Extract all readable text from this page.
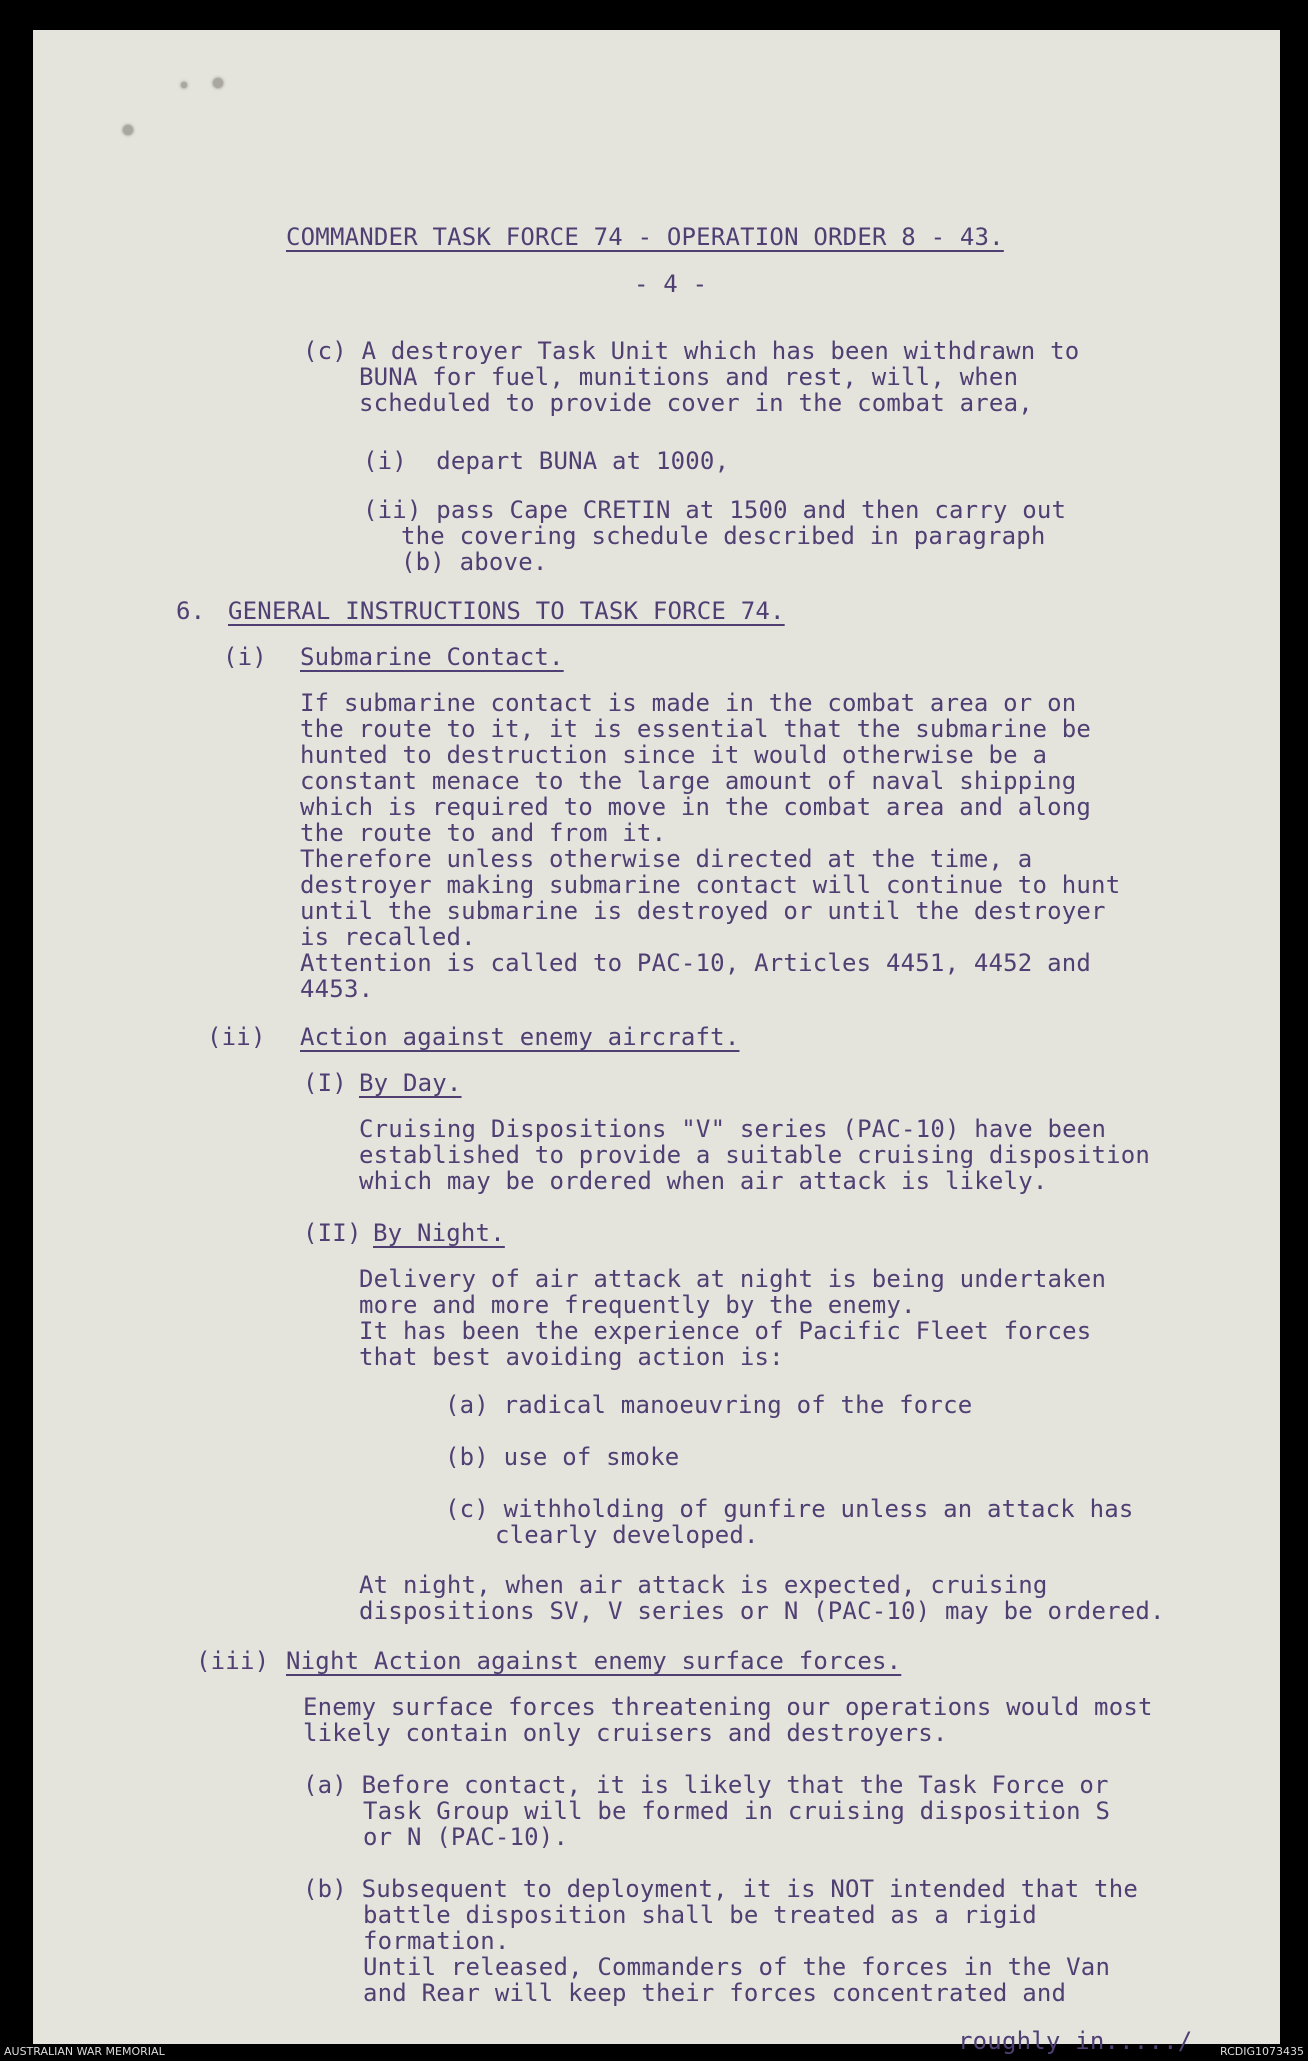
COMMANDER TASK FORCE 74 - OPERATION ORDER 8 - 43.
- 4 -
(c) A destroyer Task Unit which has been withdrawn to
BUNA for fuel, munitions and rest, will, when
scheduled to provide cover in the combat area,
(i)  depart BUNA at 1000,
(ii) pass Cape CRETIN at 1500 and then carry out
the covering schedule described in paragraph
(b) above.
6. GENERAL INSTRUCTIONS TO TASK FORCE 74.
(i) Submarine Contact.
If submarine contact is made in the combat area or on
the route to it, it is essential that the submarine be
hunted to destruction since it would otherwise be a
constant menace to the large amount of naval shipping
which is required to move in the combat area and along
the route to and from it.
Therefore unless otherwise directed at the time, a
destroyer making submarine contact will continue to hunt
until the submarine is destroyed or until the destroyer
is recalled.
Attention is called to PAC-10, Articles 4451, 4452 and
4453.
(ii) Action against enemy aircraft.
(I) By Day.
Cruising Dispositions "V" series (PAC-10) have been
established to provide a suitable cruising disposition
which may be ordered when air attack is likely.
(II) By Night.
Delivery of air attack at night is being undertaken
more and more frequently by the enemy.
It has been the experience of Pacific Fleet forces
that best avoiding action is:
(a) radical manoeuvring of the force
(b) use of smoke
(c) withholding of gunfire unless an attack has
clearly developed.
At night, when air attack is expected, cruising
dispositions SV, V series or N (PAC-10) may be ordered.
(iii) Night Action against enemy surface forces.
Enemy surface forces threatening our operations would most
likely contain only cruisers and destroyers.
(a) Before contact, it is likely that the Task Force or
Task Group will be formed in cruising disposition S
or N (PAC-10).
(b) Subsequent to deployment, it is NOT intended that the
battle disposition shall be treated as a rigid
formation.
Until released, Commanders of the forces in the Van
and Rear will keep their forces concentrated and
roughly in...../
AUSTRALIAN WAR MEMORIAL	RCDIG1073435
